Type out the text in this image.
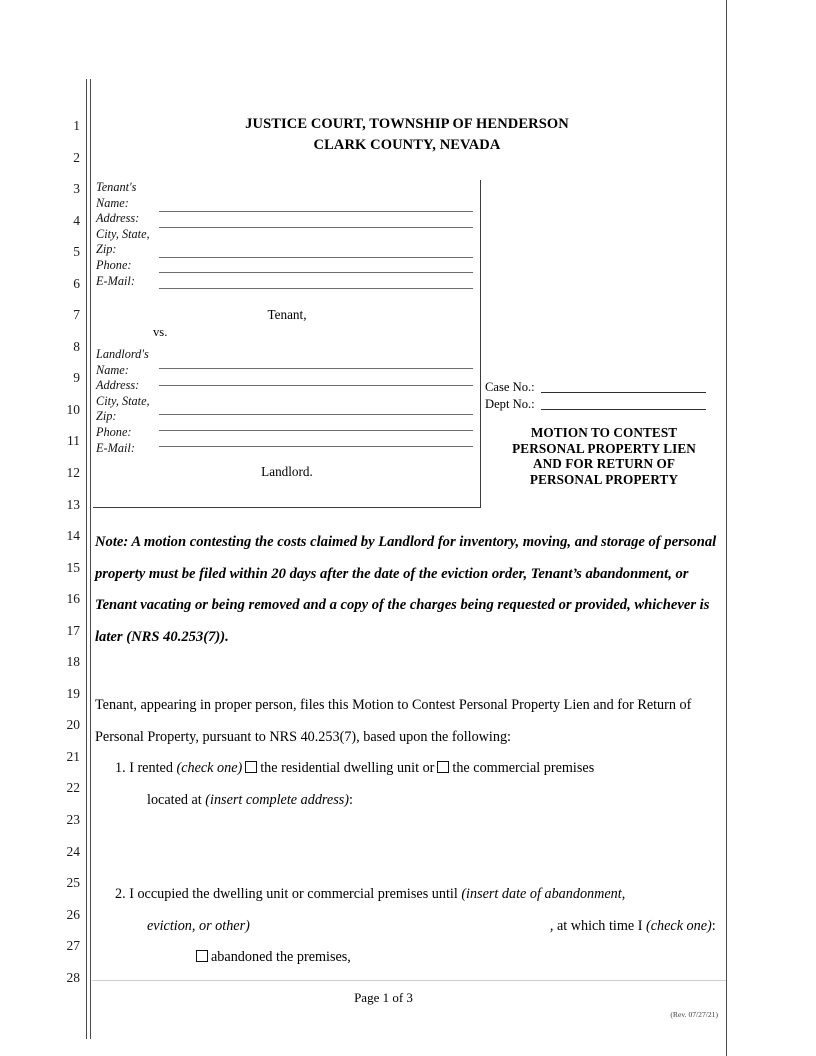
1
2
3
4
5
6
7
8
9
10
11
12
13
14
15
16
17
18
19
20
21
22
23
24
25
26
27
28
JUSTICE COURT, TOWNSHIP OF HENDERSON
CLARK COUNTY, NEVADA
Tenant's
Name:
Address:
City, State,
Zip:
Phone:
E-Mail:
Tenant,
vs.
Landlord's
Name:
Address:
City, State,
Zip:
Phone:
E-Mail:
Landlord.
Case No.:
Dept No.:
MOTION TO CONTEST
PERSONAL PROPERTY LIEN
AND FOR RETURN OF
PERSONAL PROPERTY
Note: A motion contesting the costs claimed by Landlord for inventory, moving, and storage of personal property must be filed within 20 days after the date of the eviction order, Tenant’s abandonment, or Tenant vacating or being removed and a copy of the charges being requested or provided, whichever is later (NRS 40.253(7)).

Tenant, appearing in proper person, files this Motion to Contest Personal Property Lien and for Return of Personal Property, pursuant to NRS 40.253(7), based upon the following:

1. I rented (check one) the residential dwelling unit or the commercial premises

located at (insert complete address):

2. I occupied the dwelling unit or commercial premises until (insert date of abandonment,

eviction, or other)	, at which time I (check one):

abandoned the premises,

Page 1 of 3
(Rev. 07/27/21)
